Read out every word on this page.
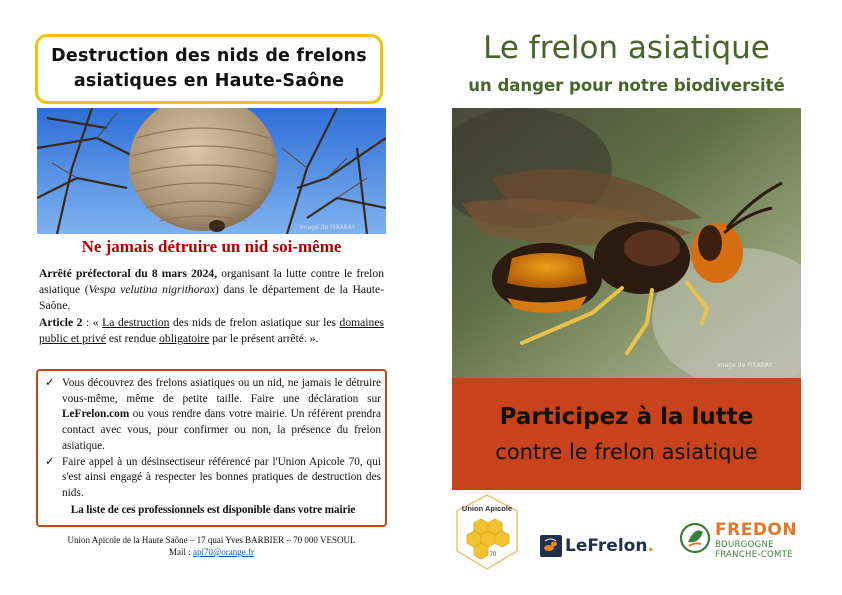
Destruction des nids de frelons
asiatiques en Haute-Saône
Image de PIXABAY
Ne jamais détruire un nid soi-même

Arrêté préfectoral du 8 mars 2024, organisant la lutte contre le frelon asiatique (Vespa velutina nigrithorax) dans le département de la Haute-Saône.

Article 2 : « La destruction des nids de frelon asiatique sur les domaines public et privé est rendue obligatoire par le présent arrêté. ».

✓ Vous découvrez des frelons asiatiques ou un nid, ne jamais le détruire vous-même, même de petite taille. Faire une déclaration sur LeFrelon.com ou vous rendre dans votre mairie. Un référent prendra contact avec vous, pour confirmer ou non, la présence du frelon asiatique.
✓ Faire appel à un désinsectiseur référencé par l'Union Apicole 70, qui s'est ainsi engagé à respecter les bonnes pratiques de destruction des nids.
La liste de ces professionnels est disponible dans votre mairie
Union Apicole de la Haute Saône – 17 quai Yves BARBIER – 70 000 VESOUL
Mail : api70@orange.fr
Le frelon asiatique
un danger pour notre biodiversité
Image de PIXABAY
Participez à la lutte
contre le frelon asiatique
Union Apicole
70	LeFrelon.
FREDON
BOURGOGNE
FRANCHE-COMTÉ
